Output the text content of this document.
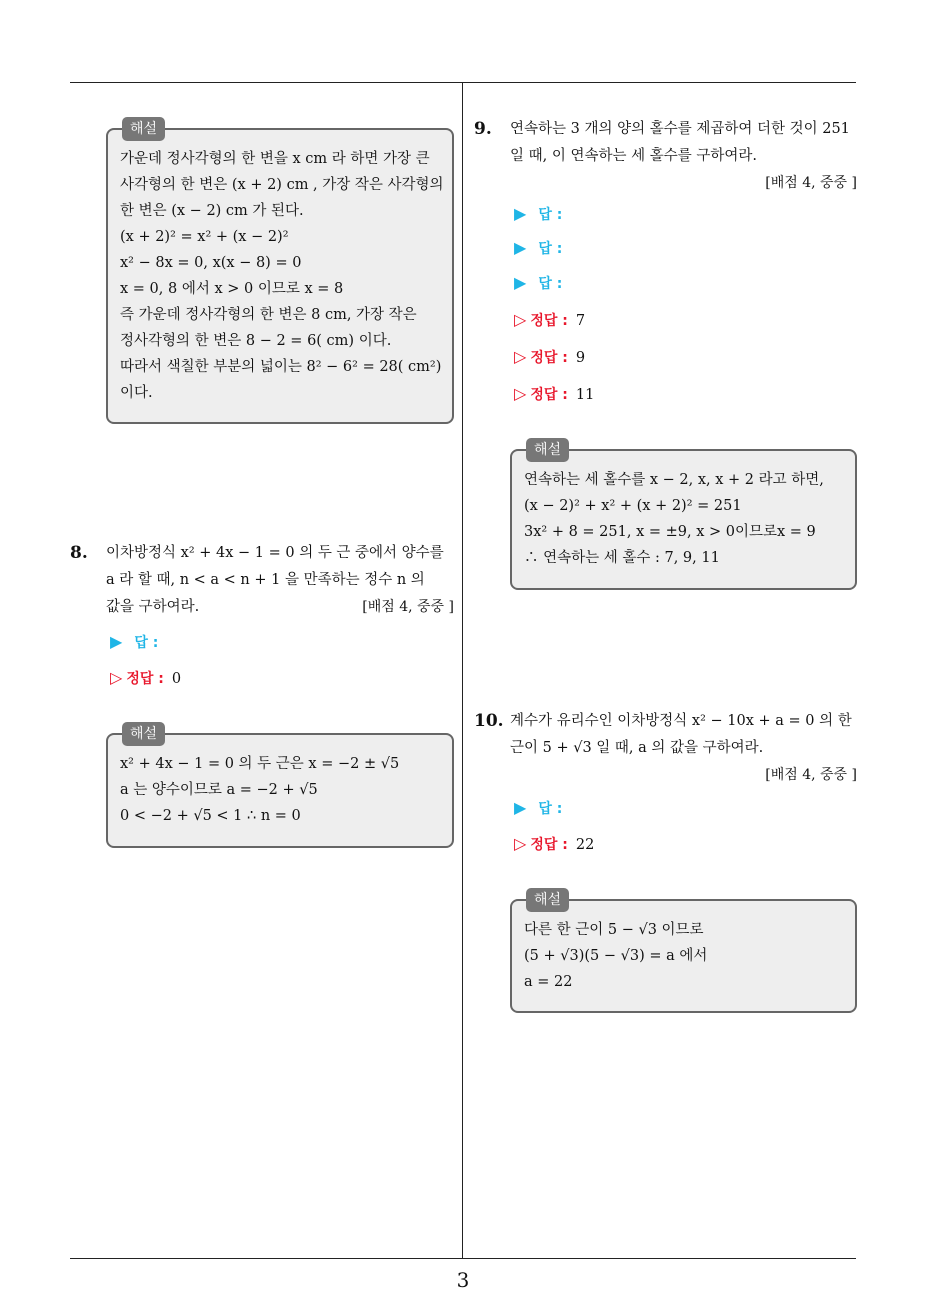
해설
가운데 정사각형의 한 변을 x cm 라 하면 가장 큰
사각형의 한 변은 (x + 2) cm , 가장 작은 사각형의
한 변은 (x − 2) cm 가 된다.
(x + 2)² = x² + (x − 2)²
x² − 8x = 0, x(x − 8) = 0
x = 0, 8 에서 x > 0 이므로 x = 8
즉 가운데 정사각형의 한 변은 8 cm, 가장 작은
정사각형의 한 변은 8 − 2 = 6( cm) 이다.
따라서 색칠한 부분의 넓이는 8² − 6² = 28( cm²)
이다.
8. 이차방정식 x² + 4x − 1 = 0 의 두 근 중에서 양수를
a 라 할 때, n < a < n + 1 을 만족하는 정수 n 의
값을 구하여라.	[배점 4, 중중 ]
▶ 답 :
▷ 정답 : 0
해설
x² + 4x − 1 = 0 의 두 근은 x = −2 ± √5
a 는 양수이므로 a = −2 + √5
0 < −2 + √5 < 1 ∴ n = 0
9. 연속하는 3 개의 양의 홀수를 제곱하여 더한 것이 251
일 때, 이 연속하는 세 홀수를 구하여라.
[배점 4, 중중 ]
▶ 답 :
▶ 답 :
▶ 답 :
▷ 정답 : 7
▷ 정답 : 9
▷ 정답 : 11
해설
연속하는 세 홀수를 x − 2, x, x + 2 라고 하면,
(x − 2)² + x² + (x + 2)² = 251
3x² + 8 = 251, x = ±9, x > 0이므로x = 9
∴ 연속하는 세 홀수 : 7, 9, 11
10. 계수가 유리수인 이차방정식 x² − 10x + a = 0 의 한
근이 5 + √3 일 때, a 의 값을 구하여라.
[배점 4, 중중 ]
▶ 답 :
▷ 정답 : 22
해설
다른 한 근이 5 − √3 이므로
(5 + √3)(5 − √3) = a 에서
a = 22
3
